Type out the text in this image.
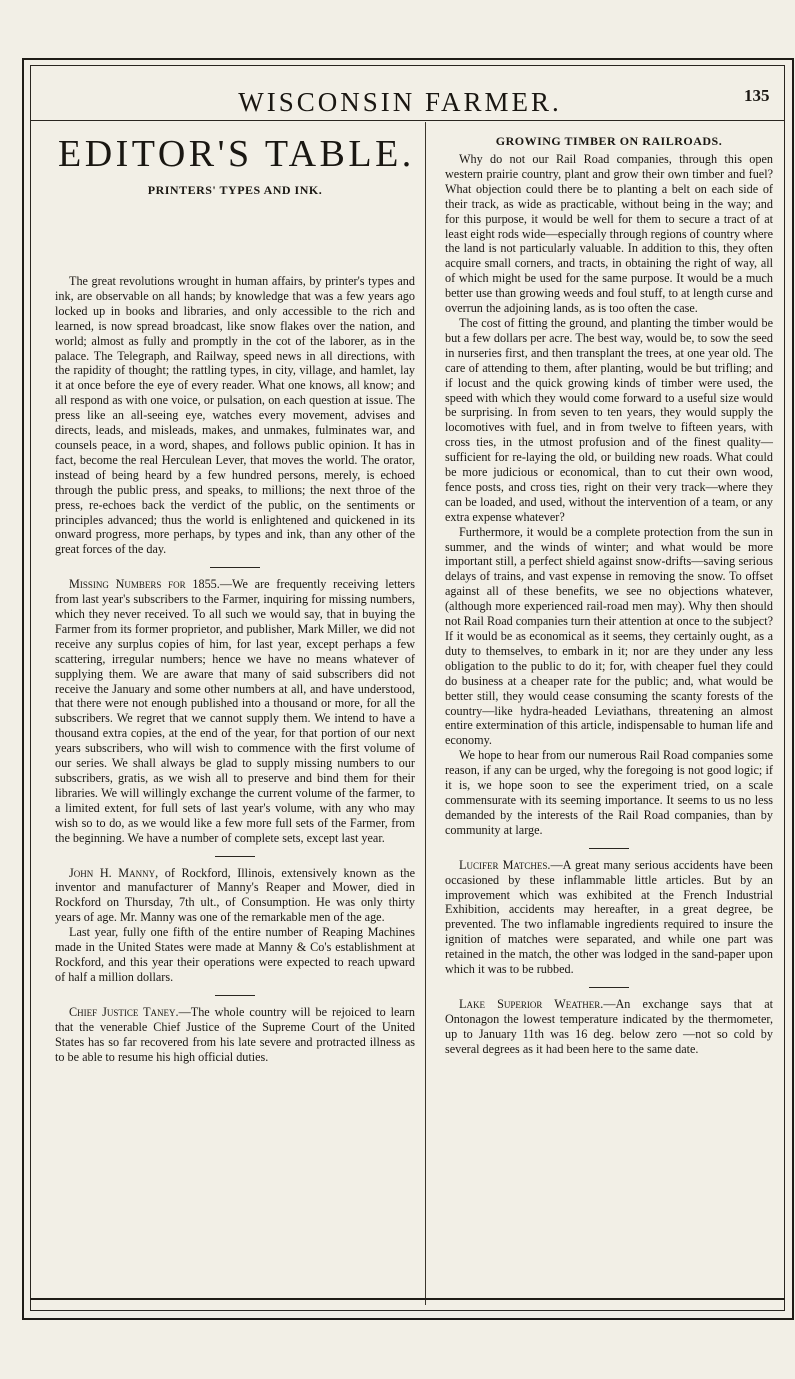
WISCONSIN FARMER.	135
EDITOR'S TABLE.
PRINTERS' TYPES AND INK.

The great revolutions wrought in human affairs, by printer's types and ink, are observable on all hands; by knowledge that was a few years ago locked up in books and libraries, and only accessible to the rich and learned, is now spread broadcast, like snow flakes over the nation, and world; almost as fully and promptly in the cot of the laborer, as in the palace. The Telegraph, and Railway, speed news in all directions, with the rapidity of thought; the rattling types, in city, village, and hamlet, lay it at once before the eye of every reader. What one knows, all know; and all respond as with one voice, or pulsation, on each question at issue. The press like an all-seeing eye, watches every movement, advises and directs, leads, and misleads, makes, and unmakes, fulminates war, and counsels peace, in a word, shapes, and follows public opinion. It has in fact, become the real Herculean Lever, that moves the world. The orator, instead of being heard by a few hundred persons, merely, is echoed through the public press, and speaks, to millions; the next throe of the press, re-echoes back the verdict of the public, on the sentiments or principles advanced; thus the world is enlightened and quickened in its onward progress, more perhaps, by types and ink, than any other of the great forces of the day.

Missing Numbers for 1855.—We are frequently receiving letters from last year's subscribers to the Farmer, inquiring for missing numbers, which they never received. To all such we would say, that in buying the Farmer from its former proprietor, and publisher, Mark Miller, we did not receive any surplus copies of him, for last year, except perhaps a few scattering, irregular numbers; hence we have no means whatever of supplying them. We are aware that many of said subscribers did not receive the January and some other numbers at all, and have understood, that there were not enough published into a thousand or more, for all the subscribers. We regret that we cannot supply them. We intend to have a thousand extra copies, at the end of the year, for that portion of our next years subscribers, who will wish to commence with the first volume of our series. We shall always be glad to supply missing numbers to our subscribers, gratis, as we wish all to preserve and bind them for their libraries. We will willingly exchange the current volume of the farmer, to a limited extent, for full sets of last year's volume, with any who may wish so to do, as we would like a few more full sets of the Farmer, from the beginning. We have a number of complete sets, except last year.

John H. Manny, of Rockford, Illinois, extensively known as the inventor and manufacturer of Manny's Reaper and Mower, died in Rockford on Thursday, 7th ult., of Consumption. He was only thirty years of age. Mr. Manny was one of the remarkable men of the age.

Last year, fully one fifth of the entire number of Reaping Machines made in the United States were made at Manny & Co's establishment at Rockford, and this year their operations were expected to reach upward of half a million dollars.

Chief Justice Taney.—The whole country will be rejoiced to learn that the venerable Chief Justice of the Supreme Court of the United States has so far recovered from his late severe and protracted illness as to be able to resume his high official duties.

GROWING TIMBER ON RAILROADS.

Why do not our Rail Road companies, through this open western prairie country, plant and grow their own timber and fuel? What objection could there be to planting a belt on each side of their track, as wide as practicable, without being in the way; and for this purpose, it would be well for them to secure a tract of at least eight rods wide—especially through regions of country where the land is not particularly valuable. In addition to this, they often acquire small corners, and tracts, in obtaining the right of way, all of which might be used for the same purpose. It would be a much better use than growing weeds and foul stuff, to at length curse and overrun the adjoining lands, as is too often the case.

The cost of fitting the ground, and planting the timber would be but a few dollars per acre. The best way, would be, to sow the seed in nurseries first, and then transplant the trees, at one year old. The care of attending to them, after planting, would be but trifling; and if locust and the quick growing kinds of timber were used, the speed with which they would come forward to a useful size would be surprising. In from seven to ten years, they would supply the locomotives with fuel, and in from twelve to fifteen years, with cross ties, in the utmost profusion and of the finest quality—sufficient for re-laying the old, or building new roads. What could be more judicious or economical, than to cut their own wood, fence posts, and cross ties, right on their very track—where they can be loaded, and used, without the intervention of a team, or any extra expense whatever?

Furthermore, it would be a complete protection from the sun in summer, and the winds of winter; and what would be more important still, a perfect shield against snow-drifts—saving serious delays of trains, and vast expense in removing the snow. To offset against all of these benefits, we see no objections whatever, (although more experienced rail-road men may). Why then should not Rail Road companies turn their attention at once to the subject? If it would be as economical as it seems, they certainly ought, as a duty to themselves, to embark in it; nor are they under any less obligation to the public to do it; for, with cheaper fuel they could do business at a cheaper rate for the public; and, what would be better still, they would cease consuming the scanty forests of the country—like hydra-headed Leviathans, threatening an almost entire extermination of this article, indispensable to human life and economy.

We hope to hear from our numerous Rail Road companies some reason, if any can be urged, why the foregoing is not good logic; if it is, we hope soon to see the experiment tried, on a scale commensurate with its seeming importance. It seems to us no less demanded by the interests of the Rail Road companies, than by community at large.

Lucifer Matches.—A great many serious accidents have been occasioned by these inflammable little articles. But by an improvement which was exhibited at the French Industrial Exhibition, accidents may hereafter, in a great degree, be prevented. The two inflamable ingredients required to insure the ignition of matches were separated, and while one part was retained in the match, the other was lodged in the sand-paper upon which it was to be rubbed.

Lake Superior Weather.—An exchange says that at Ontonagon the lowest temperature indicated by the thermometer, up to January 11th was 16 deg. below zero —not so cold by several degrees as it had been here to the same date.
